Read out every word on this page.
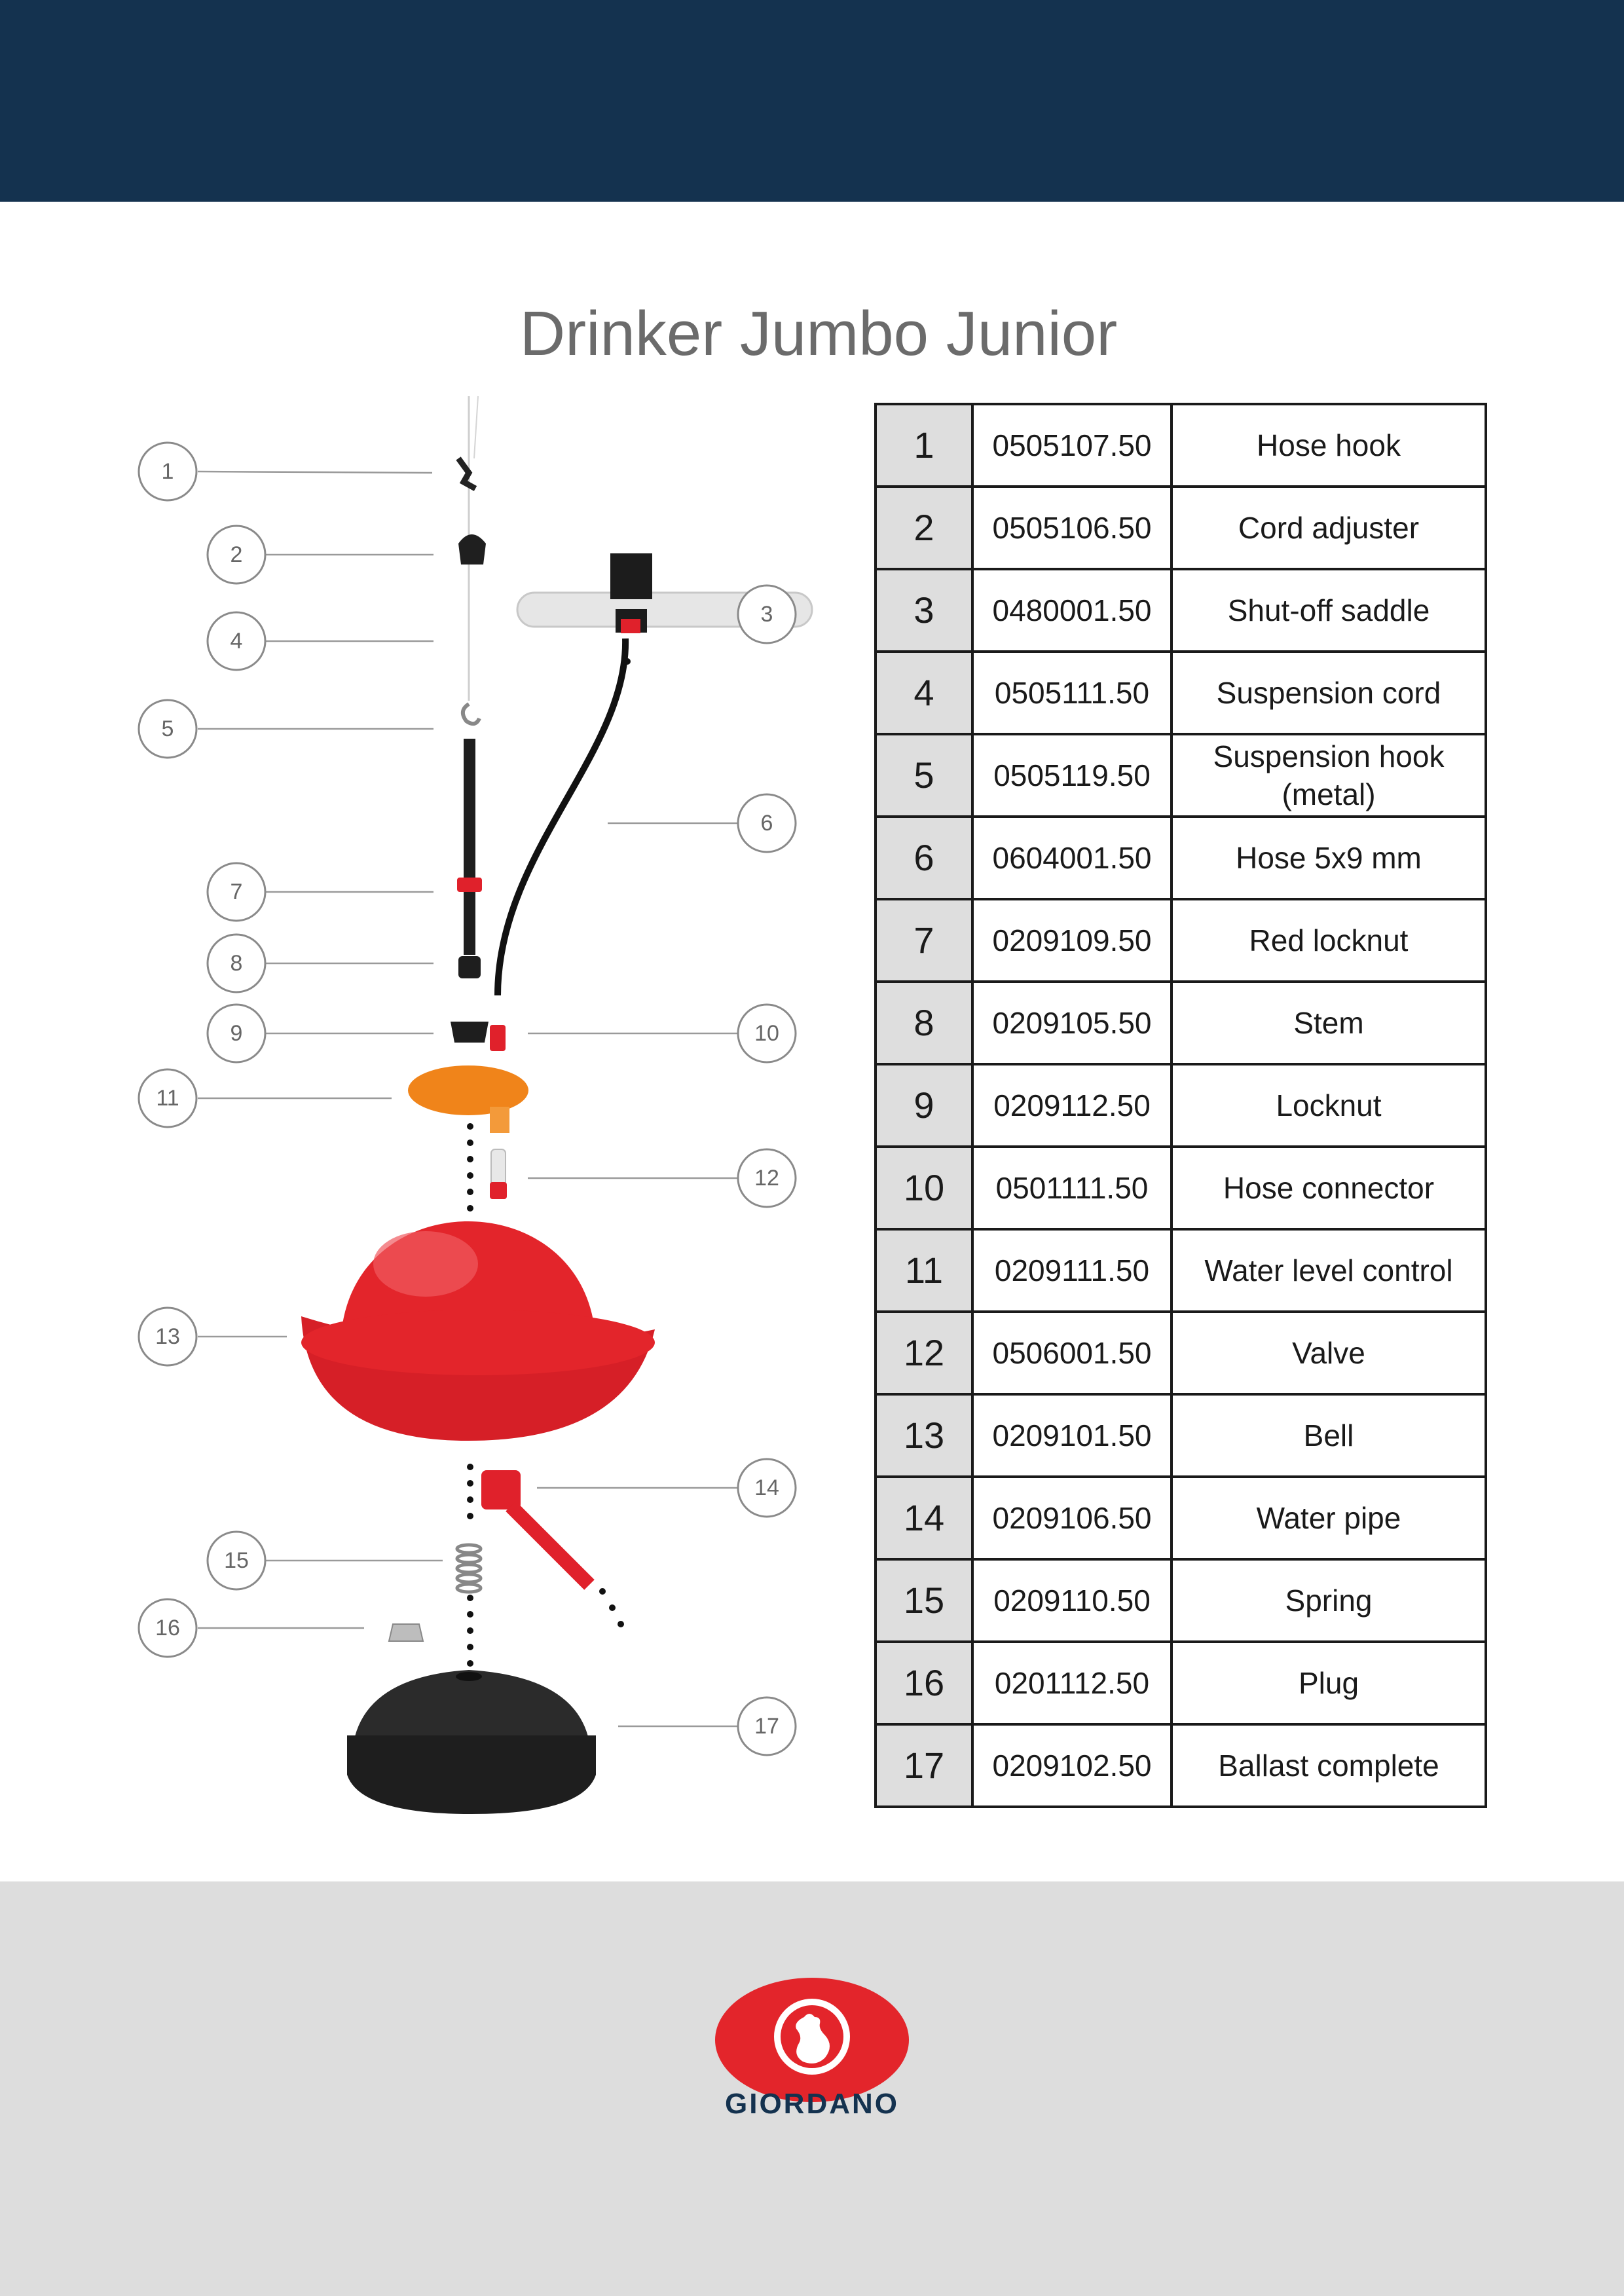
Drinker Jumbo Junior
1
2
4
5
7
8
9
11
13
15
16
3
6
10
12
14
17
1	0505107.50	Hose hook
2	0505106.50	Cord adjuster
3	0480001.50	Shut-off saddle
4	0505111.50	Suspension cord
5	0505119.50	Suspension hook (metal)
6	0604001.50	Hose 5x9 mm
7	0209109.50	Red locknut
8	0209105.50	Stem
9	0209112.50	Locknut
10	0501111.50	Hose connector
11	0209111.50	Water level control
12	0506001.50	Valve
13	0209101.50	Bell
14	0209106.50	Water pipe
15	0209110.50	Spring
16	0201112.50	Plug
17	0209102.50	Ballast complete
GIORDANO
